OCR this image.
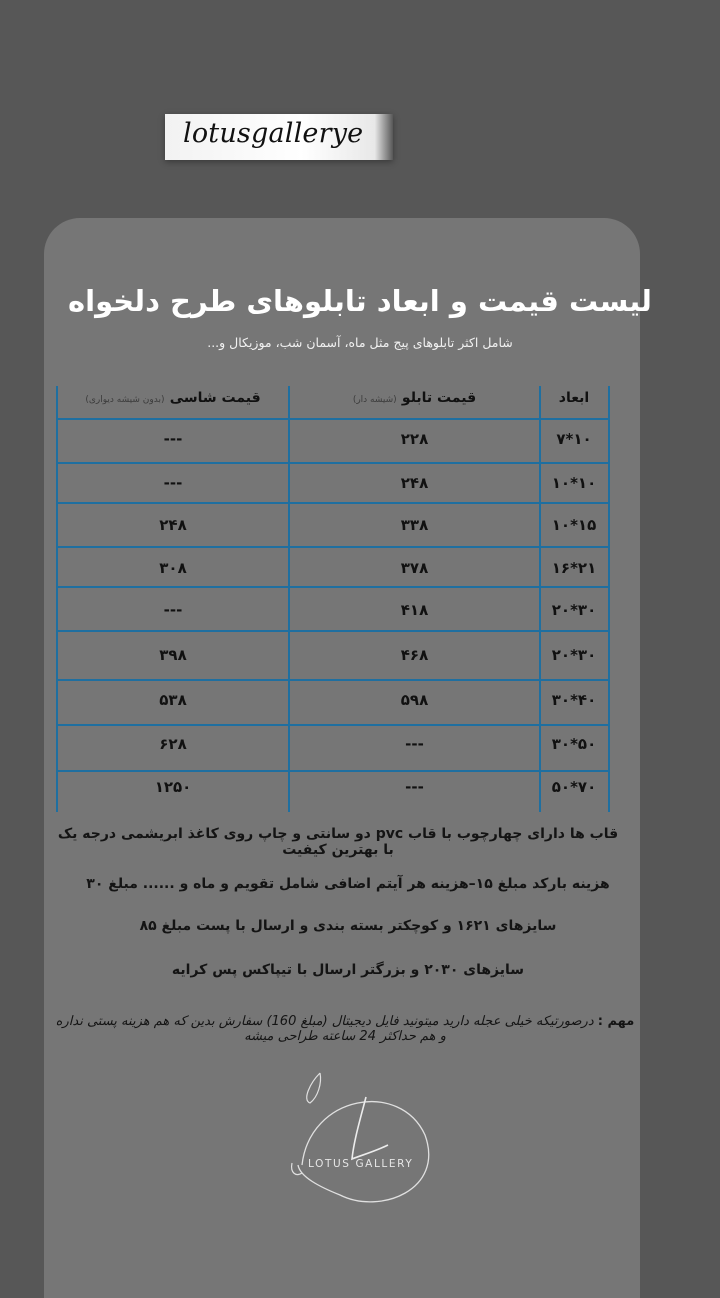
lotusgallerye
لیست قیمت و ابعاد تابلوهای طرح دلخواه
شامل اکثر تابلوهای پیج مثل ماه، آسمان شب، موزیکال و...
ابعاد
قیمت تابلو (شیشه دار)
قیمت شاسی (بدون شیشه دیواری)
۱۰*۷
۲۲۸
---
۱۰*۱۰
۲۴۸
---
۱۵*۱۰
۳۳۸
۲۴۸
۲۱*۱۶
۳۷۸
۳۰۸
۳۰*۲۰
۴۱۸
---
۳۰*۲۰
۴۶۸
۳۹۸
۴۰*۳۰
۵۹۸
۵۳۸
۵۰*۳۰
---
۶۲۸
۷۰*۵۰
---
۱۲۵۰
قاب ها دارای چهارچوب با قاب pvc دو سانتی و چاپ روی کاغذ ابریشمی درجه یک با بهترین کیفیت
هزینه بارکد مبلغ ۱۵–هزینه هر آیتم اضافی شامل تقویم و ماه و ...... مبلغ ۳۰
سایزهای ۱۶۲۱ و کوچکتر بسته بندی و ارسال با پست مبلغ ۸۵
سایزهای ۲۰۳۰ و بزرگتر ارسال با تیپاکس پس کرایه
مهم : درصورتیکه خیلی عجله دارید میتونید فایل دیجیتال (مبلغ 160) سفارش بدین که هم هزینه پستی نداره و هم حداکثر 24 ساعته طراحی میشه
LOTUS GALLERY
